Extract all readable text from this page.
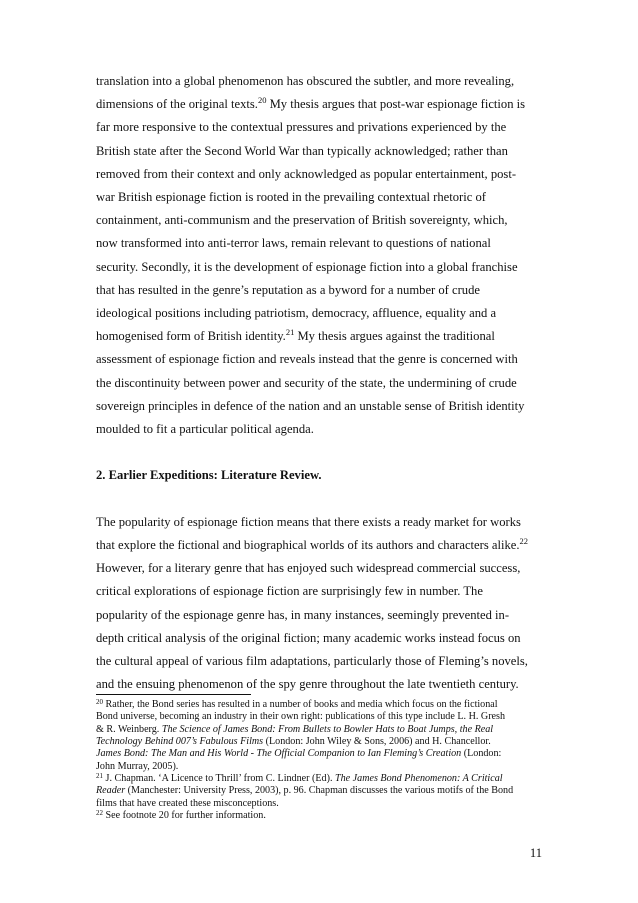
translation into a global phenomenon has obscured the subtler, and more revealing,

dimensions of the original texts.$^{20}$ My thesis argues that post-war espionage fiction is

far more responsive to the contextual pressures and privations experienced by the

British state after the Second World War than typically acknowledged; rather than

removed from their context and only acknowledged as popular entertainment, post-

war British espionage fiction is rooted in the prevailing contextual rhetoric of

containment, anti-communism and the preservation of British sovereignty, which,

now transformed into anti-terror laws, remain relevant to questions of national

security. Secondly, it is the development of espionage fiction into a global franchise

that has resulted in the genre’s reputation as a byword for a number of crude

ideological positions including patriotism, democracy, affluence, equality and a

homogenised form of British identity.$^{21}$ My thesis argues against the traditional

assessment of espionage fiction and reveals instead that the genre is concerned with

the discontinuity between power and security of the state, the undermining of crude

sovereign principles in defence of the nation and an unstable sense of British identity

moulded to fit a particular political agenda.

2. Earlier Expeditions: Literature Review.

The popularity of espionage fiction means that there exists a ready market for works

that explore the fictional and biographical worlds of its authors and characters alike.$^{22}$

However, for a literary genre that has enjoyed such widespread commercial success,

critical explorations of espionage fiction are surprisingly few in number. The

popularity of the espionage genre has, in many instances, seemingly prevented in-

depth critical analysis of the original fiction; many academic works instead focus on

the cultural appeal of various film adaptations, particularly those of Fleming’s novels,

and the ensuing phenomenon of the spy genre throughout the late twentieth century.

$^{20}$ Rather, the Bond series has resulted in a number of books and media which focus on the fictional
Bond universe, becoming an industry in their own right: publications of this type include L. H. Gresh
& R. Weinberg. The Science of James Bond: From Bullets to Bowler Hats to Boat Jumps, the Real
Technology Behind 007’s Fabulous Films (London: John Wiley & Sons, 2006) and H. Chancellor.
James Bond: The Man and His World - The Official Companion to Ian Fleming’s Creation (London:
John Murray, 2005).

$^{21}$ J. Chapman. ‘A Licence to Thrill’ from C. Lindner (Ed). The James Bond Phenomenon: A Critical
Reader (Manchester: University Press, 2003), p. 96. Chapman discusses the various motifs of the Bond
films that have created these misconceptions.

$^{22}$ See footnote 20 for further information.

11
